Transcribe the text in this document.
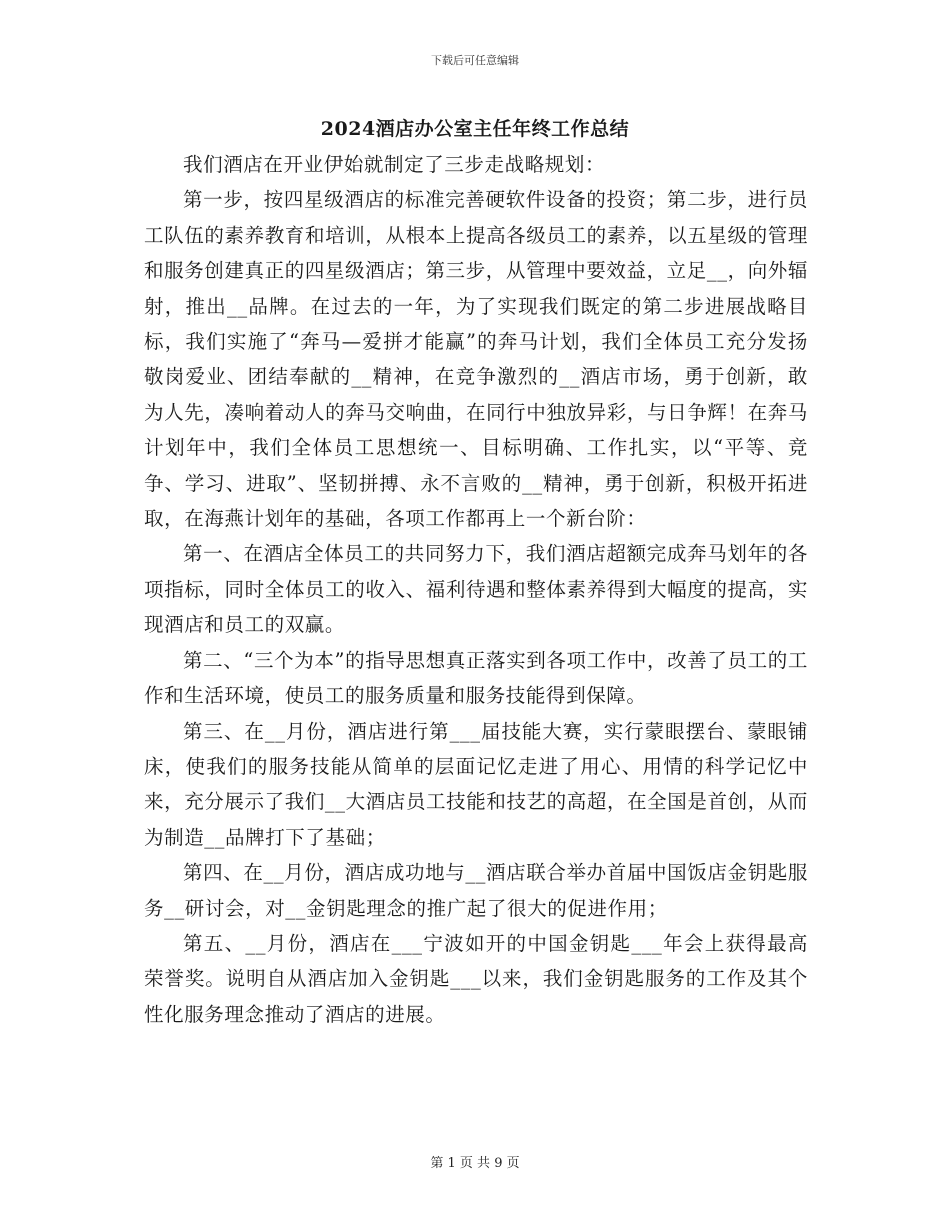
下载后可任意编辑
2024酒店办公室主任年终工作总结

我们酒店在开业伊始就制定了三步走战略规划：

第一步，按四星级酒店的标准完善硬软件设备的投资；第二步，进行员工队伍的素养教育和培训，从根本上提高各级员工的素养，以五星级的管理和服务创建真正的四星级酒店；第三步，从管理中要效益，立足__，向外辐射，推出__品牌。在过去的一年，为了实现我们既定的第二步进展战略目标，我们实施了“奔马—爱拼才能赢”的奔马计划，我们全体员工充分发扬敬岗爱业、团结奉献的__精神，在竞争激烈的__酒店市场，勇于创新，敢为人先，凑响着动人的奔马交响曲，在同行中独放异彩，与日争辉！在奔马计划年中，我们全体员工思想统一、目标明确、工作扎实，以“平等、竞争、学习、进取”、坚韧拼搏、永不言败的__精神，勇于创新，积极开拓进取，在海燕计划年的基础，各项工作都再上一个新台阶：

第一、在酒店全体员工的共同努力下，我们酒店超额完成奔马划年的各项指标，同时全体员工的收入、福利待遇和整体素养得到大幅度的提高，实现酒店和员工的双赢。

第二、“三个为本”的指导思想真正落实到各项工作中，改善了员工的工作和生活环境，使员工的服务质量和服务技能得到保障。

第三、在__月份，酒店进行第___届技能大赛，实行蒙眼摆台、蒙眼铺床，使我们的服务技能从简单的层面记忆走进了用心、用情的科学记忆中来，充分展示了我们__大酒店员工技能和技艺的高超，在全国是首创，从而为制造__品牌打下了基础；

第四、在__月份，酒店成功地与__酒店联合举办首届中国饭店金钥匙服务__研讨会，对__金钥匙理念的推广起了很大的促进作用；

第五、__月份，酒店在___宁波如开的中国金钥匙___年会上获得最高荣誉奖。说明自从酒店加入金钥匙___以来，我们金钥匙服务的工作及其个性化服务理念推动了酒店的进展。

第 1 页 共 9 页
